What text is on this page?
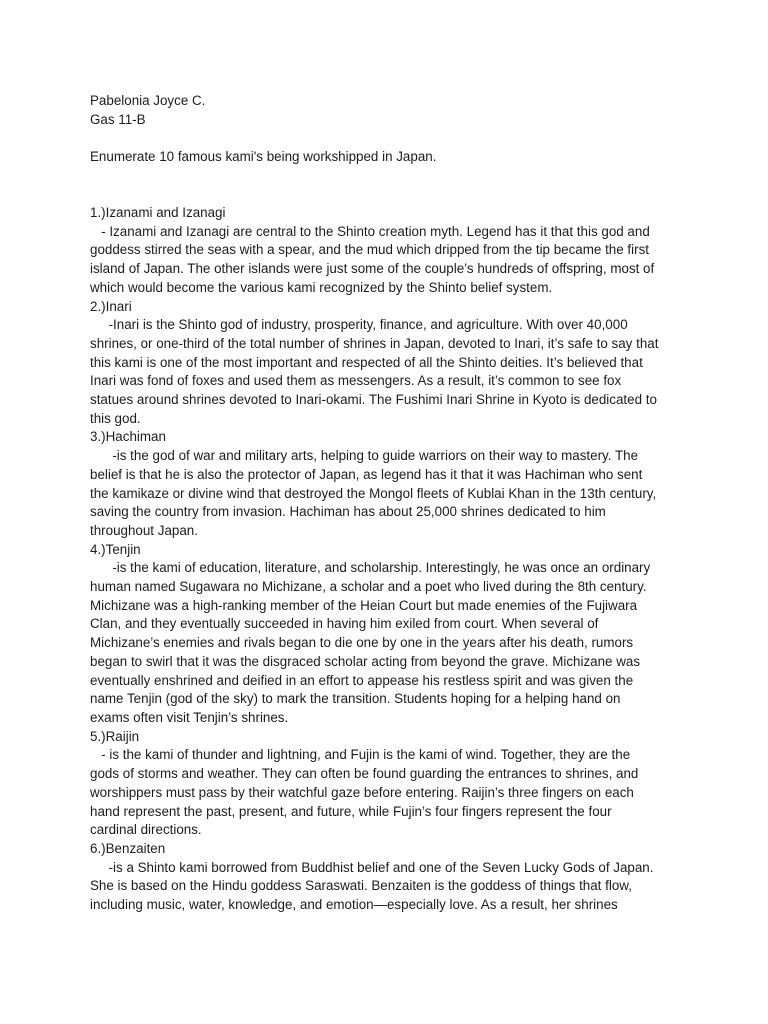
Pabelonia Joyce C.
Gas 11-B
Enumerate 10 famous kami's being workshipped in Japan.
1.)Izanami and Izanagi
- Izanami and Izanagi are central to the Shinto creation myth. Legend has it that this god and
goddess stirred the seas with a spear, and the mud which dripped from the tip became the first
island of Japan. The other islands were just some of the couple’s hundreds of offspring, most of
which would become the various kami recognized by the Shinto belief system.
2.)Inari
-Inari is the Shinto god of industry, prosperity, finance, and agriculture. With over 40,000
shrines, or one-third of the total number of shrines in Japan, devoted to Inari, it’s safe to say that
this kami is one of the most important and respected of all the Shinto deities. It’s believed that
Inari was fond of foxes and used them as messengers. As a result, it’s common to see fox
statues around shrines devoted to Inari-okami. The Fushimi Inari Shrine in Kyoto is dedicated to
this god.
3.)Hachiman
-is the god of war and military arts, helping to guide warriors on their way to mastery. The
belief is that he is also the protector of Japan, as legend has it that it was Hachiman who sent
the kamikaze or divine wind that destroyed the Mongol fleets of Kublai Khan in the 13th century,
saving the country from invasion. Hachiman has about 25,000 shrines dedicated to him
throughout Japan.
4.)Tenjin
-is the kami of education, literature, and scholarship. Interestingly, he was once an ordinary
human named Sugawara no Michizane, a scholar and a poet who lived during the 8th century.
Michizane was a high-ranking member of the Heian Court but made enemies of the Fujiwara
Clan, and they eventually succeeded in having him exiled from court. When several of
Michizane’s enemies and rivals began to die one by one in the years after his death, rumors
began to swirl that it was the disgraced scholar acting from beyond the grave. Michizane was
eventually enshrined and deified in an effort to appease his restless spirit and was given the
name Tenjin (god of the sky) to mark the transition. Students hoping for a helping hand on
exams often visit Tenjin’s shrines.
5.)Raijin
- is the kami of thunder and lightning, and Fujin is the kami of wind. Together, they are the
gods of storms and weather. They can often be found guarding the entrances to shrines, and
worshippers must pass by their watchful gaze before entering. Raijin’s three fingers on each
hand represent the past, present, and future, while Fujin’s four fingers represent the four
cardinal directions.
6.)Benzaiten
-is a Shinto kami borrowed from Buddhist belief and one of the Seven Lucky Gods of Japan.
She is based on the Hindu goddess Saraswati. Benzaiten is the goddess of things that flow,
including music, water, knowledge, and emotion—especially love. As a result, her shrines
